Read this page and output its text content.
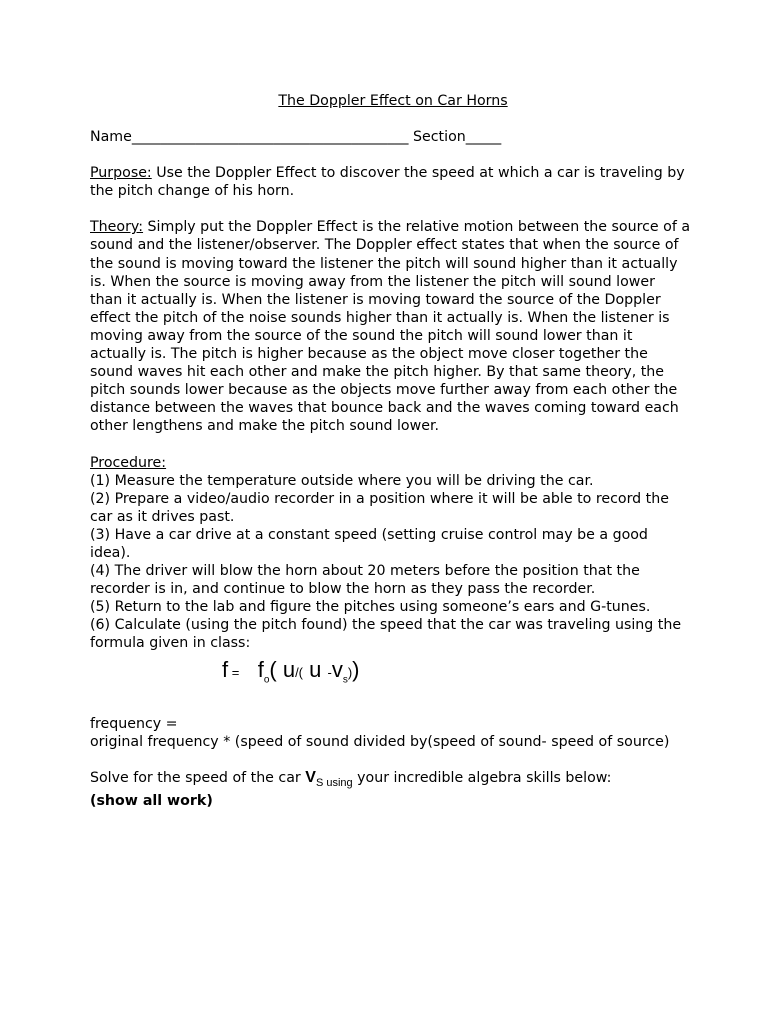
The Doppler Effect on Car Horns
Name_______________________________________ Section_____

Purpose: Use the Doppler Effect to discover the speed at which a car is traveling by the pitch change of his horn.

Theory: Simply put the Doppler Effect is the relative motion between the source of a sound and the listener/observer. The Doppler effect states that when the source of the sound is moving toward the listener the pitch will sound higher than it actually is. When the source is moving away from the listener the pitch will sound lower than it actually is. When the listener is moving toward the source of the Doppler effect the pitch of the noise sounds higher than it actually is. When the listener is moving away from the source of the sound the pitch will sound lower than it actually is. The pitch is higher because as the object move closer together the sound waves hit each other and make the pitch higher. By that same theory, the pitch sounds lower because as the objects move further away from each other the distance between the waves that bounce back and the waves coming toward each other lengthens and make the pitch sound lower.

Procedure:
(1) Measure the temperature outside where you will be driving the car.
(2) Prepare a video/audio recorder in a position where it will be able to record the car as it drives past.
(3) Have a car drive at a constant speed (setting cruise control may be a good idea).
(4) The driver will blow the horn about 20 meters before the position that the recorder is in, and continue to blow the horn as they pass the recorder.
(5) Return to the lab and figure the pitches using someone’s ears and G-tunes.
(6) Calculate (using the pitch found) the speed that the car was traveling using the formula given in class:
$f = f_o$( u/( u $-v_s$))
frequency =
original frequency * (speed of sound divided by(speed of sound- speed of source)
Solve for the speed of the car $V_{S using}$ your incredible algebra skills below:
(show all work)
